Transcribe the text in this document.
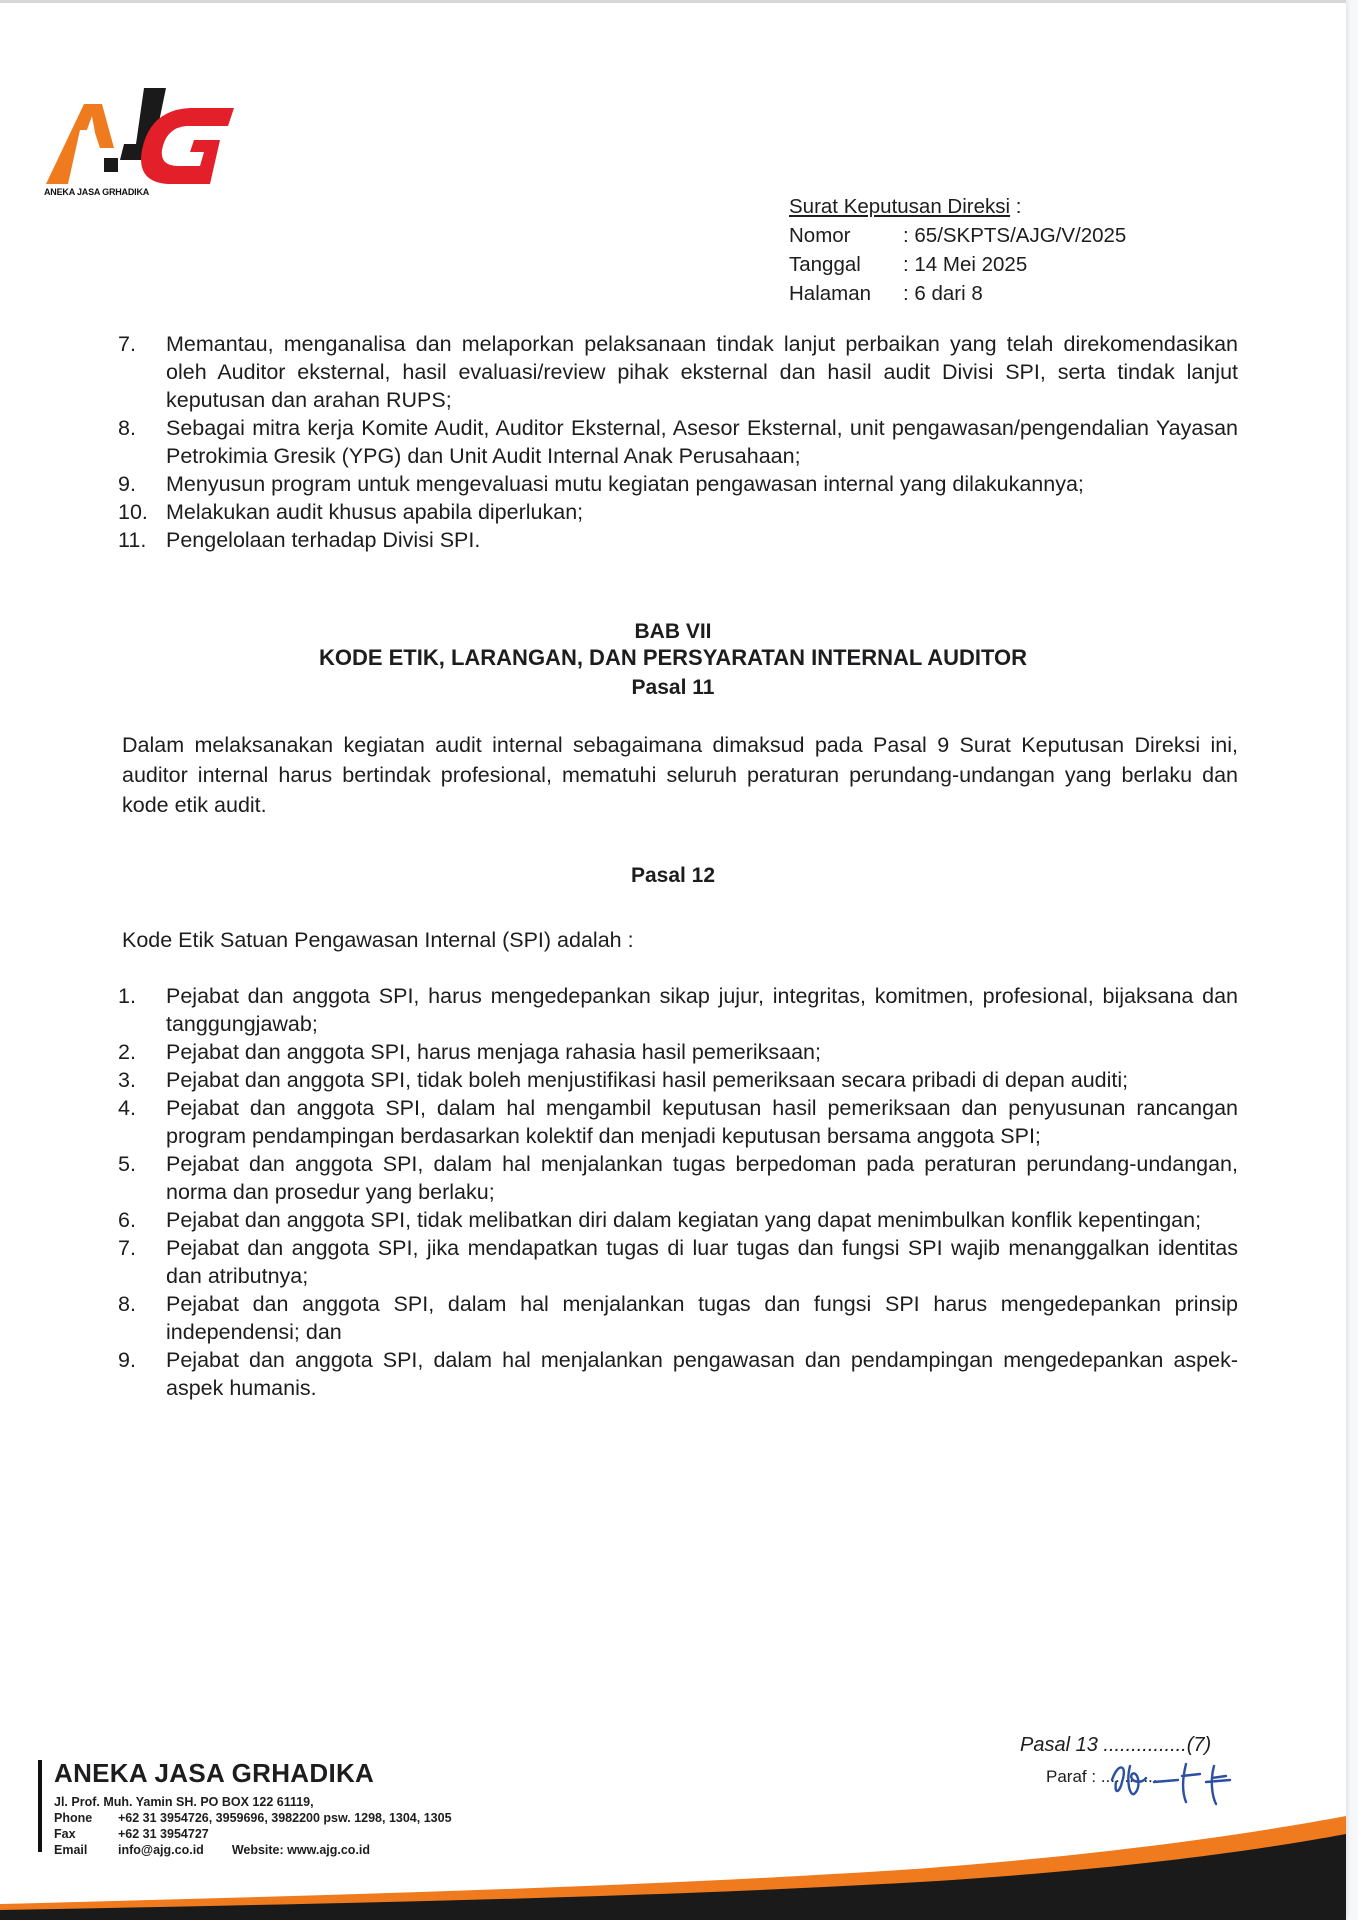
ANEKA JASA GRHADIKA
Surat Keputusan Direksi :
Nomor	: 65/SKPTS/AJG/V/2025
Tanggal	: 14 Mei 2025
Halaman	: 6 dari 8
7.	Memantau, menganalisa dan melaporkan pelaksanaan tindak lanjut perbaikan yang telah direkomendasikan oleh Auditor eksternal, hasil evaluasi/review pihak eksternal dan hasil audit Divisi SPI, serta tindak lanjut keputusan dan arahan RUPS;
8.	Sebagai mitra kerja Komite Audit, Auditor Eksternal, Asesor Eksternal, unit pengawasan/pengendalian Yayasan Petrokimia Gresik (YPG) dan Unit Audit Internal Anak Perusahaan;
9.	Menyusun program untuk mengevaluasi mutu kegiatan pengawasan internal yang dilakukannya;
10. Melakukan audit khusus apabila diperlukan;
11. Pengelolaan terhadap Divisi SPI.
BAB VII
KODE ETIK, LARANGAN, DAN PERSYARATAN INTERNAL AUDITOR
Pasal 11
Dalam melaksanakan kegiatan audit internal sebagaimana dimaksud pada Pasal 9 Surat Keputusan Direksi ini, auditor internal harus bertindak profesional, mematuhi seluruh peraturan perundang-undangan yang berlaku dan kode etik audit.
Pasal 12
Kode Etik Satuan Pengawasan Internal (SPI) adalah :
1.	Pejabat dan anggota SPI, harus mengedepankan sikap jujur, integritas, komitmen, profesional, bijaksana dan tanggungjawab;
2.	Pejabat dan anggota SPI, harus menjaga rahasia hasil pemeriksaan;
3.	Pejabat dan anggota SPI, tidak boleh menjustifikasi hasil pemeriksaan secara pribadi di depan auditi;
4.	Pejabat dan anggota SPI, dalam hal mengambil keputusan hasil pemeriksaan dan penyusunan rancangan program pendampingan berdasarkan kolektif dan menjadi keputusan bersama anggota SPI;
5.	Pejabat dan anggota SPI, dalam hal menjalankan tugas berpedoman pada peraturan perundang-undangan, norma dan prosedur yang berlaku;
6.	Pejabat dan anggota SPI, tidak melibatkan diri dalam kegiatan yang dapat menimbulkan konflik kepentingan;
7.	Pejabat dan anggota SPI, jika mendapatkan tugas di luar tugas dan fungsi SPI wajib menanggalkan identitas dan atributnya;
8.	Pejabat dan anggota SPI, dalam hal menjalankan tugas dan fungsi SPI harus mengedepankan prinsip independensi; dan
9.	Pejabat dan anggota SPI, dalam hal menjalankan pengawasan dan pendampingan mengedepankan aspek-aspek humanis.
Pasal 13 ...............(7)
Paraf : ............
ANEKA JASA GRHADIKA
Jl. Prof. Muh. Yamin SH. PO BOX 122 61119,
Phone +62 31 3954726, 3959696, 3982200 psw. 1298, 1304, 1305
Fax	+62 31 3954727
Email info@ajg.co.id Website: www.ajg.co.id
